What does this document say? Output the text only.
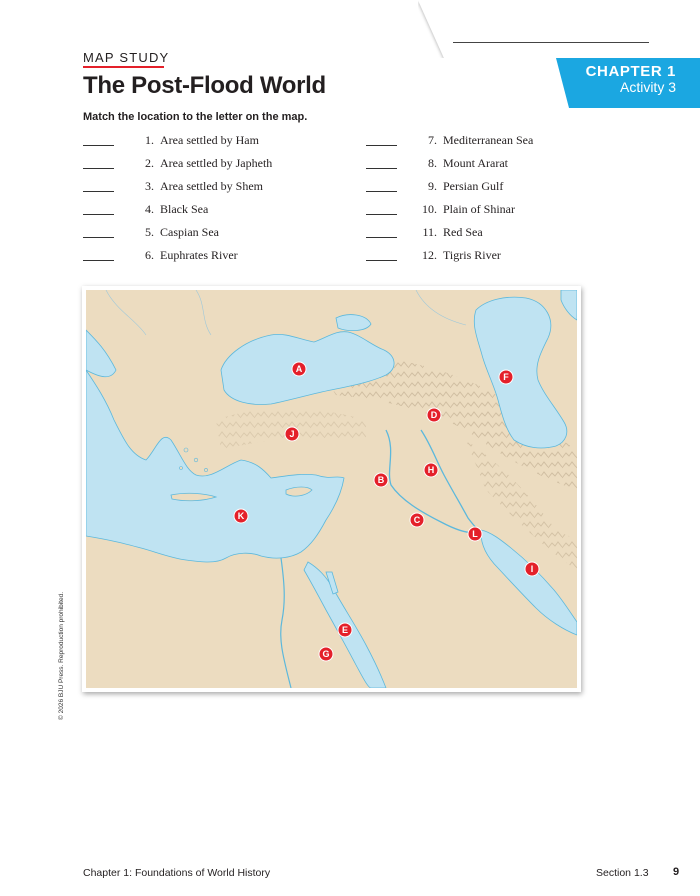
MAP STUDY
The Post-Flood World
CHAPTER 1
Activity 3
Match the location to the letter on the map.
1. Area settled by Ham
2. Area settled by Japheth
3. Area settled by Shem
4. Black Sea
5. Caspian Sea
6. Euphrates River
7. Mediterranean Sea
8. Mount Ararat
9. Persian Gulf
10. Plain of Shinar
11. Red Sea
12. Tigris River
A
B
C
D
E
F
G
H
I
J
K
L
© 2026 BJU Press. Reproduction prohibited.
Chapter 1: Foundations of World History	Section 1.3 9
